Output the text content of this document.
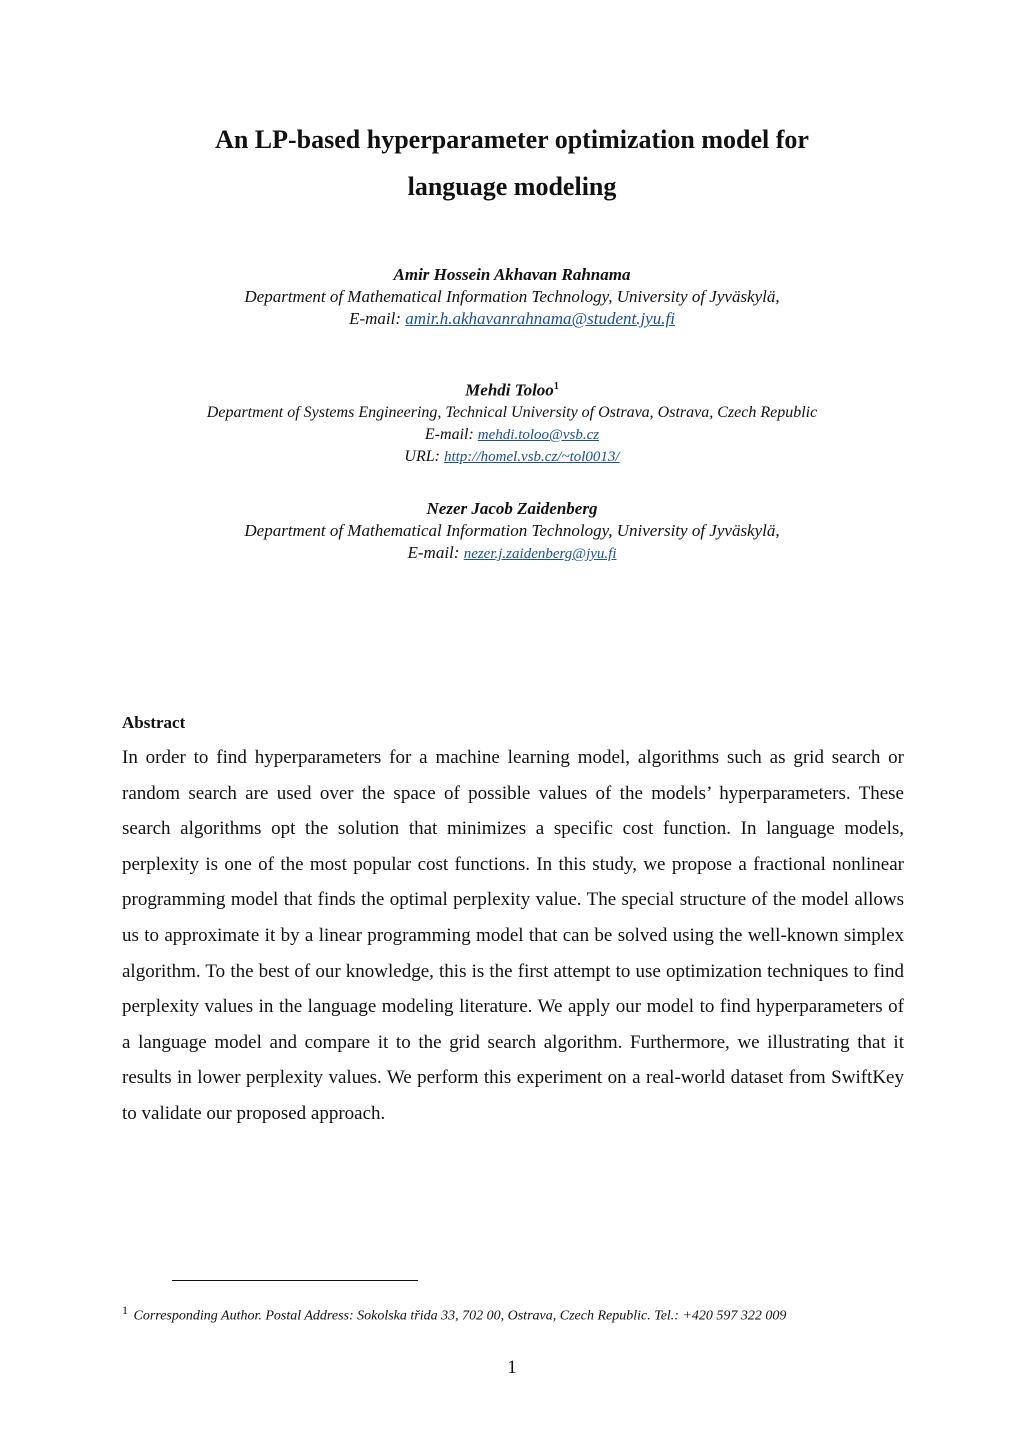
An LP-based hyperparameter optimization model for
language modeling
Amir Hossein Akhavan Rahnama
Department of Mathematical Information Technology, University of Jyväskylä,
E-mail: amir.h.akhavanrahnama@student.jyu.fi
Mehdi Toloo$^1$
Department of Systems Engineering, Technical University of Ostrava, Ostrava, Czech Republic
E-mail: mehdi.toloo@vsb.cz
URL: http://homel.vsb.cz/~tol0013/
Nezer Jacob Zaidenberg
Department of Mathematical Information Technology, University of Jyväskylä,
E-mail: nezer.j.zaidenberg@jyu.fi
Abstract

In order to find hyperparameters for a machine learning model, algorithms such as grid search or random search are used over the space of possible values of the models’ hyperparameters. These search algorithms opt the solution that minimizes a specific cost function. In language models, perplexity is one of the most popular cost functions. In this study, we propose a fractional nonlinear programming model that finds the optimal perplexity value. The special structure of the model allows us to approximate it by a linear programming model that can be solved using the well-known simplex algorithm. To the best of our knowledge, this is the first attempt to use optimization techniques to find perplexity values in the language modeling literature. We apply our model to find hyperparameters of a language model and compare it to the grid search algorithm. Furthermore, we illustrating that it results in lower perplexity values. We perform this experiment on a real-world dataset from SwiftKey to validate our proposed approach.

1 Corresponding Author. Postal Address: Sokolska třida 33, 702 00, Ostrava, Czech Republic. Tel.: +420 597 322 009
1
